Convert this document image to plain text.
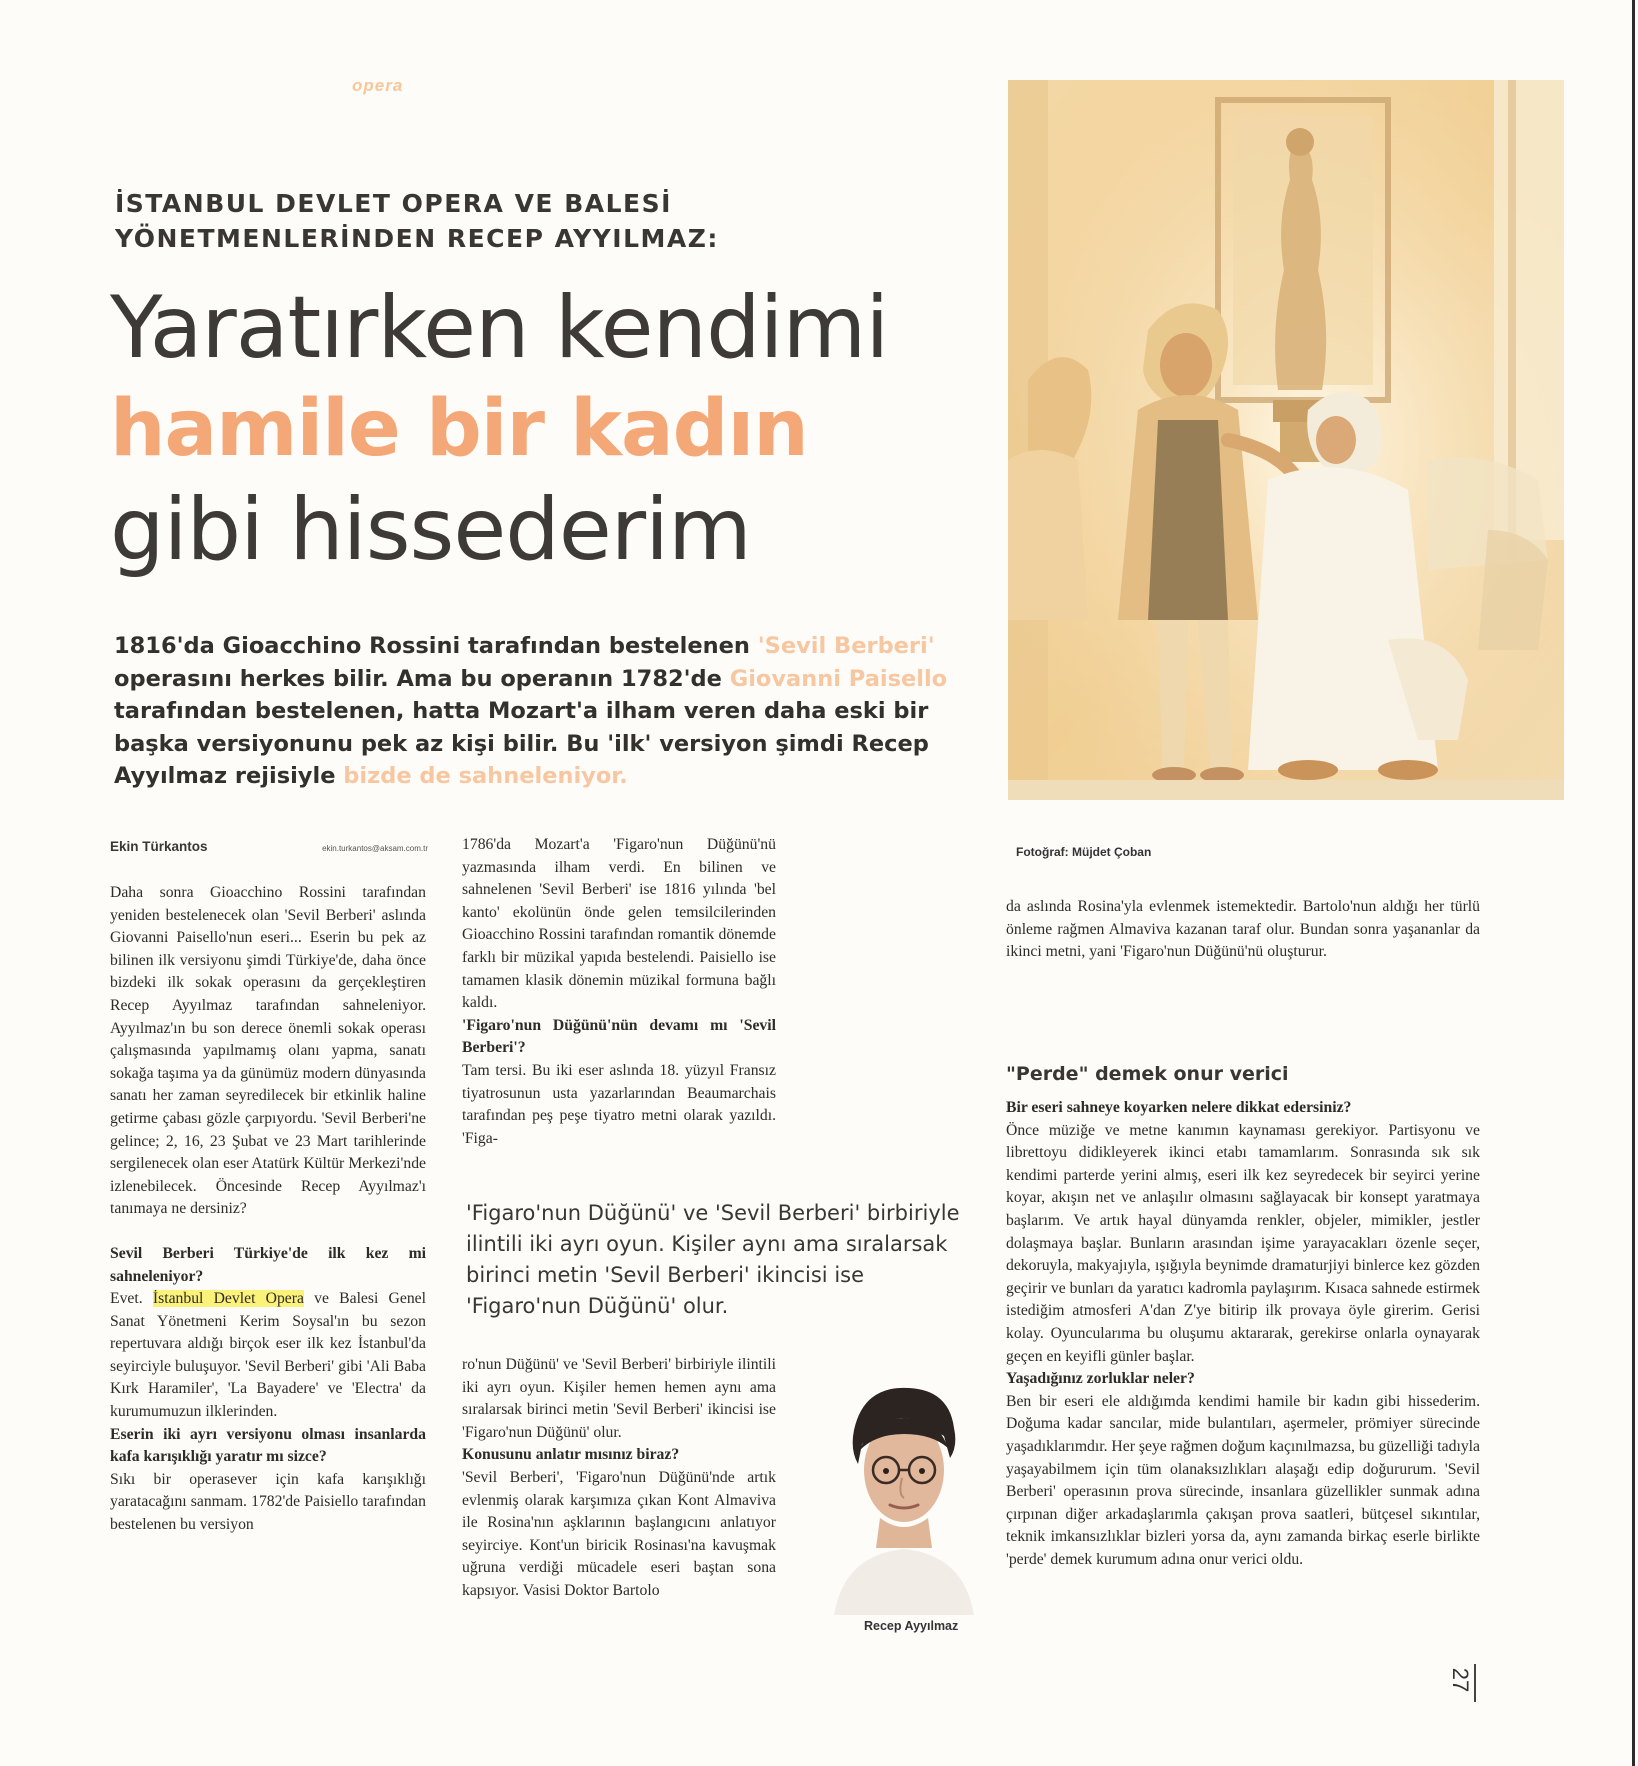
opera
İSTANBUL DEVLET OPERA VE BALESİ
YÖNETMENLERİNDEN RECEP AYYILMAZ:
Yaratırken kendimi
hamile bir kadın
gibi hissederim

1816'da Gioacchino Rossini tarafından bestelenen 'Sevil Berberi' operasını herkes bilir. Ama bu operanın 1782'de Giovanni Paisello tarafından bestelenen, hatta Mozart'a ilham veren daha eski bir başka versiyonunu pek az kişi bilir. Bu 'ilk' versiyon şimdi Recep Ayyılmaz rejisiyle bizde de sahneleniyor.

Fotoğraf: Müjdet Çoban
Ekin Türkantos	ekin.turkantos@aksam.com.tr

Daha sonra Gioacchino Rossini tarafından yeniden bestelenecek olan 'Sevil Berberi' aslında Giovanni Paisello'nun eseri... Eserin bu pek az bilinen ilk versiyonu şimdi Türkiye'de, daha önce bizdeki ilk sokak operasını da gerçekleştiren Recep Ayyılmaz tarafından sahneleniyor. Ayyılmaz'ın bu son derece önemli sokak operası çalışmasında yapılmamış olanı yapma, sanatı sokağa taşıma ya da günümüz modern dünyasında sanatı her zaman seyredilecek bir etkinlik haline getirme çabası gözle çarpıyordu. 'Sevil Berberi'ne gelince; 2, 16, 23 Şubat ve 23 Mart tarihlerinde sergilenecek olan eser Atatürk Kültür Merkezi'nde izlenebilecek. Öncesinde Recep Ayyılmaz'ı tanımaya ne dersiniz?

Sevil Berberi Türkiye'de ilk kez mi sahneleniyor?

Evet. İstanbul Devlet Opera ve Balesi Genel Sanat Yönetmeni Kerim Soysal'ın bu sezon repertuvara aldığı birçok eser ilk kez İstanbul'da seyirciyle buluşuyor. 'Sevil Berberi' gibi 'Ali Baba Kırk Haramiler', 'La Bayadere' ve 'Electra' da kurumumuzun ilklerinden.

Eserin iki ayrı versiyonu olması insanlarda kafa karışıklığı yaratır mı sizce?

Sıkı bir operasever için kafa karışıklığı yaratacağını sanmam. 1782'de Paisiello tarafından bestelenen bu versiyon

1786'da Mozart'a 'Figaro'nun Düğünü'nü yazmasında ilham verdi. En bilinen ve sahnelenen 'Sevil Berberi' ise 1816 yılında 'bel kanto' ekolünün önde gelen temsilcilerinden Gioacchino Rossini tarafından romantik dönemde farklı bir müzikal yapıda bestelendi. Paisiello ise tamamen klasik dönemin müzikal formuna bağlı kaldı.

'Figaro'nun Düğünü'nün devamı mı 'Sevil Berberi'?

Tam tersi. Bu iki eser aslında 18. yüzyıl Fransız tiyatrosunun usta yazarlarından Beaumarchais tarafından peş peşe tiyatro metni olarak yazıldı. 'Figa-

'Figaro'nun Düğünü' ve 'Sevil Berberi' birbiriyle ilintili iki ayrı oyun. Kişiler aynı ama sıralarsak birinci metin 'Sevil Berberi' ikincisi ise 'Figaro'nun Düğünü' olur.

ro'nun Düğünü' ve 'Sevil Berberi' birbiriyle ilintili iki ayrı oyun. Kişiler hemen hemen aynı ama sıralarsak birinci metin 'Sevil Berberi' ikincisi ise 'Figaro'nun Düğünü' olur.

Konusunu anlatır mısınız biraz?

'Sevil Berberi', 'Figaro'nun Düğünü'nde artık evlenmiş olarak karşımıza çıkan Kont Almaviva ile Rosina'nın aşklarının başlangıcını anlatıyor seyirciye. Kont'un biricik Rosinası'na kavuşmak uğruna verdiği mücadele eseri baştan sona kapsıyor. Vasisi Doktor Bartolo

Recep Ayyılmaz

da aslında Rosina'yla evlenmek istemektedir. Bartolo'nun aldığı her türlü önleme rağmen Almaviva kazanan taraf olur. Bundan sonra yaşananlar da ikinci metni, yani 'Figaro'nun Düğünü'nü oluşturur.

"Perde" demek onur verici

Bir eseri sahneye koyarken nelere dikkat edersiniz?

Önce müziğe ve metne kanımın kaynaması gerekiyor. Partisyonu ve librettoyu didikleyerek ikinci etabı tamamlarım. Sonrasında sık sık kendimi parterde yerini almış, eseri ilk kez seyredecek bir seyirci yerine koyar, akışın net ve anlaşılır olmasını sağlayacak bir konsept yaratmaya başlarım. Ve artık hayal dünyamda renkler, objeler, mimikler, jestler dolaşmaya başlar. Bunların arasından işime yarayacakları özenle seçer, dekoruyla, makyajıyla, ışığıyla beynimde dramaturjiyi binlerce kez gözden geçirir ve bunları da yaratıcı kadromla paylaşırım. Kısaca sahnede estirmek istediğim atmosferi A'dan Z'ye bitirip ilk provaya öyle girerim. Gerisi kolay. Oyuncularıma bu oluşumu aktararak, gerekirse onlarla oynayarak geçen en keyifli günler başlar.

Yaşadığınız zorluklar neler?

Ben bir eseri ele aldığımda kendimi hamile bir kadın gibi hissederim. Doğuma kadar sancılar, mide bulantıları, aşermeler, prömiyer sürecinde yaşadıklarımdır. Her şeye rağmen doğum kaçınılmazsa, bu güzelliği tadıyla yaşayabilmem için tüm olanaksızlıkları alaşağı edip doğururum. 'Sevil Berberi' operasının prova sürecinde, insanlara güzellikler sunmak adına çırpınan diğer arkadaşlarımla çakışan prova saatleri, bütçesel sıkıntılar, teknik imkansızlıklar bizleri yorsa da, aynı zamanda birkaç eserle birlikte 'perde' demek kurumum adına onur verici oldu.

27
